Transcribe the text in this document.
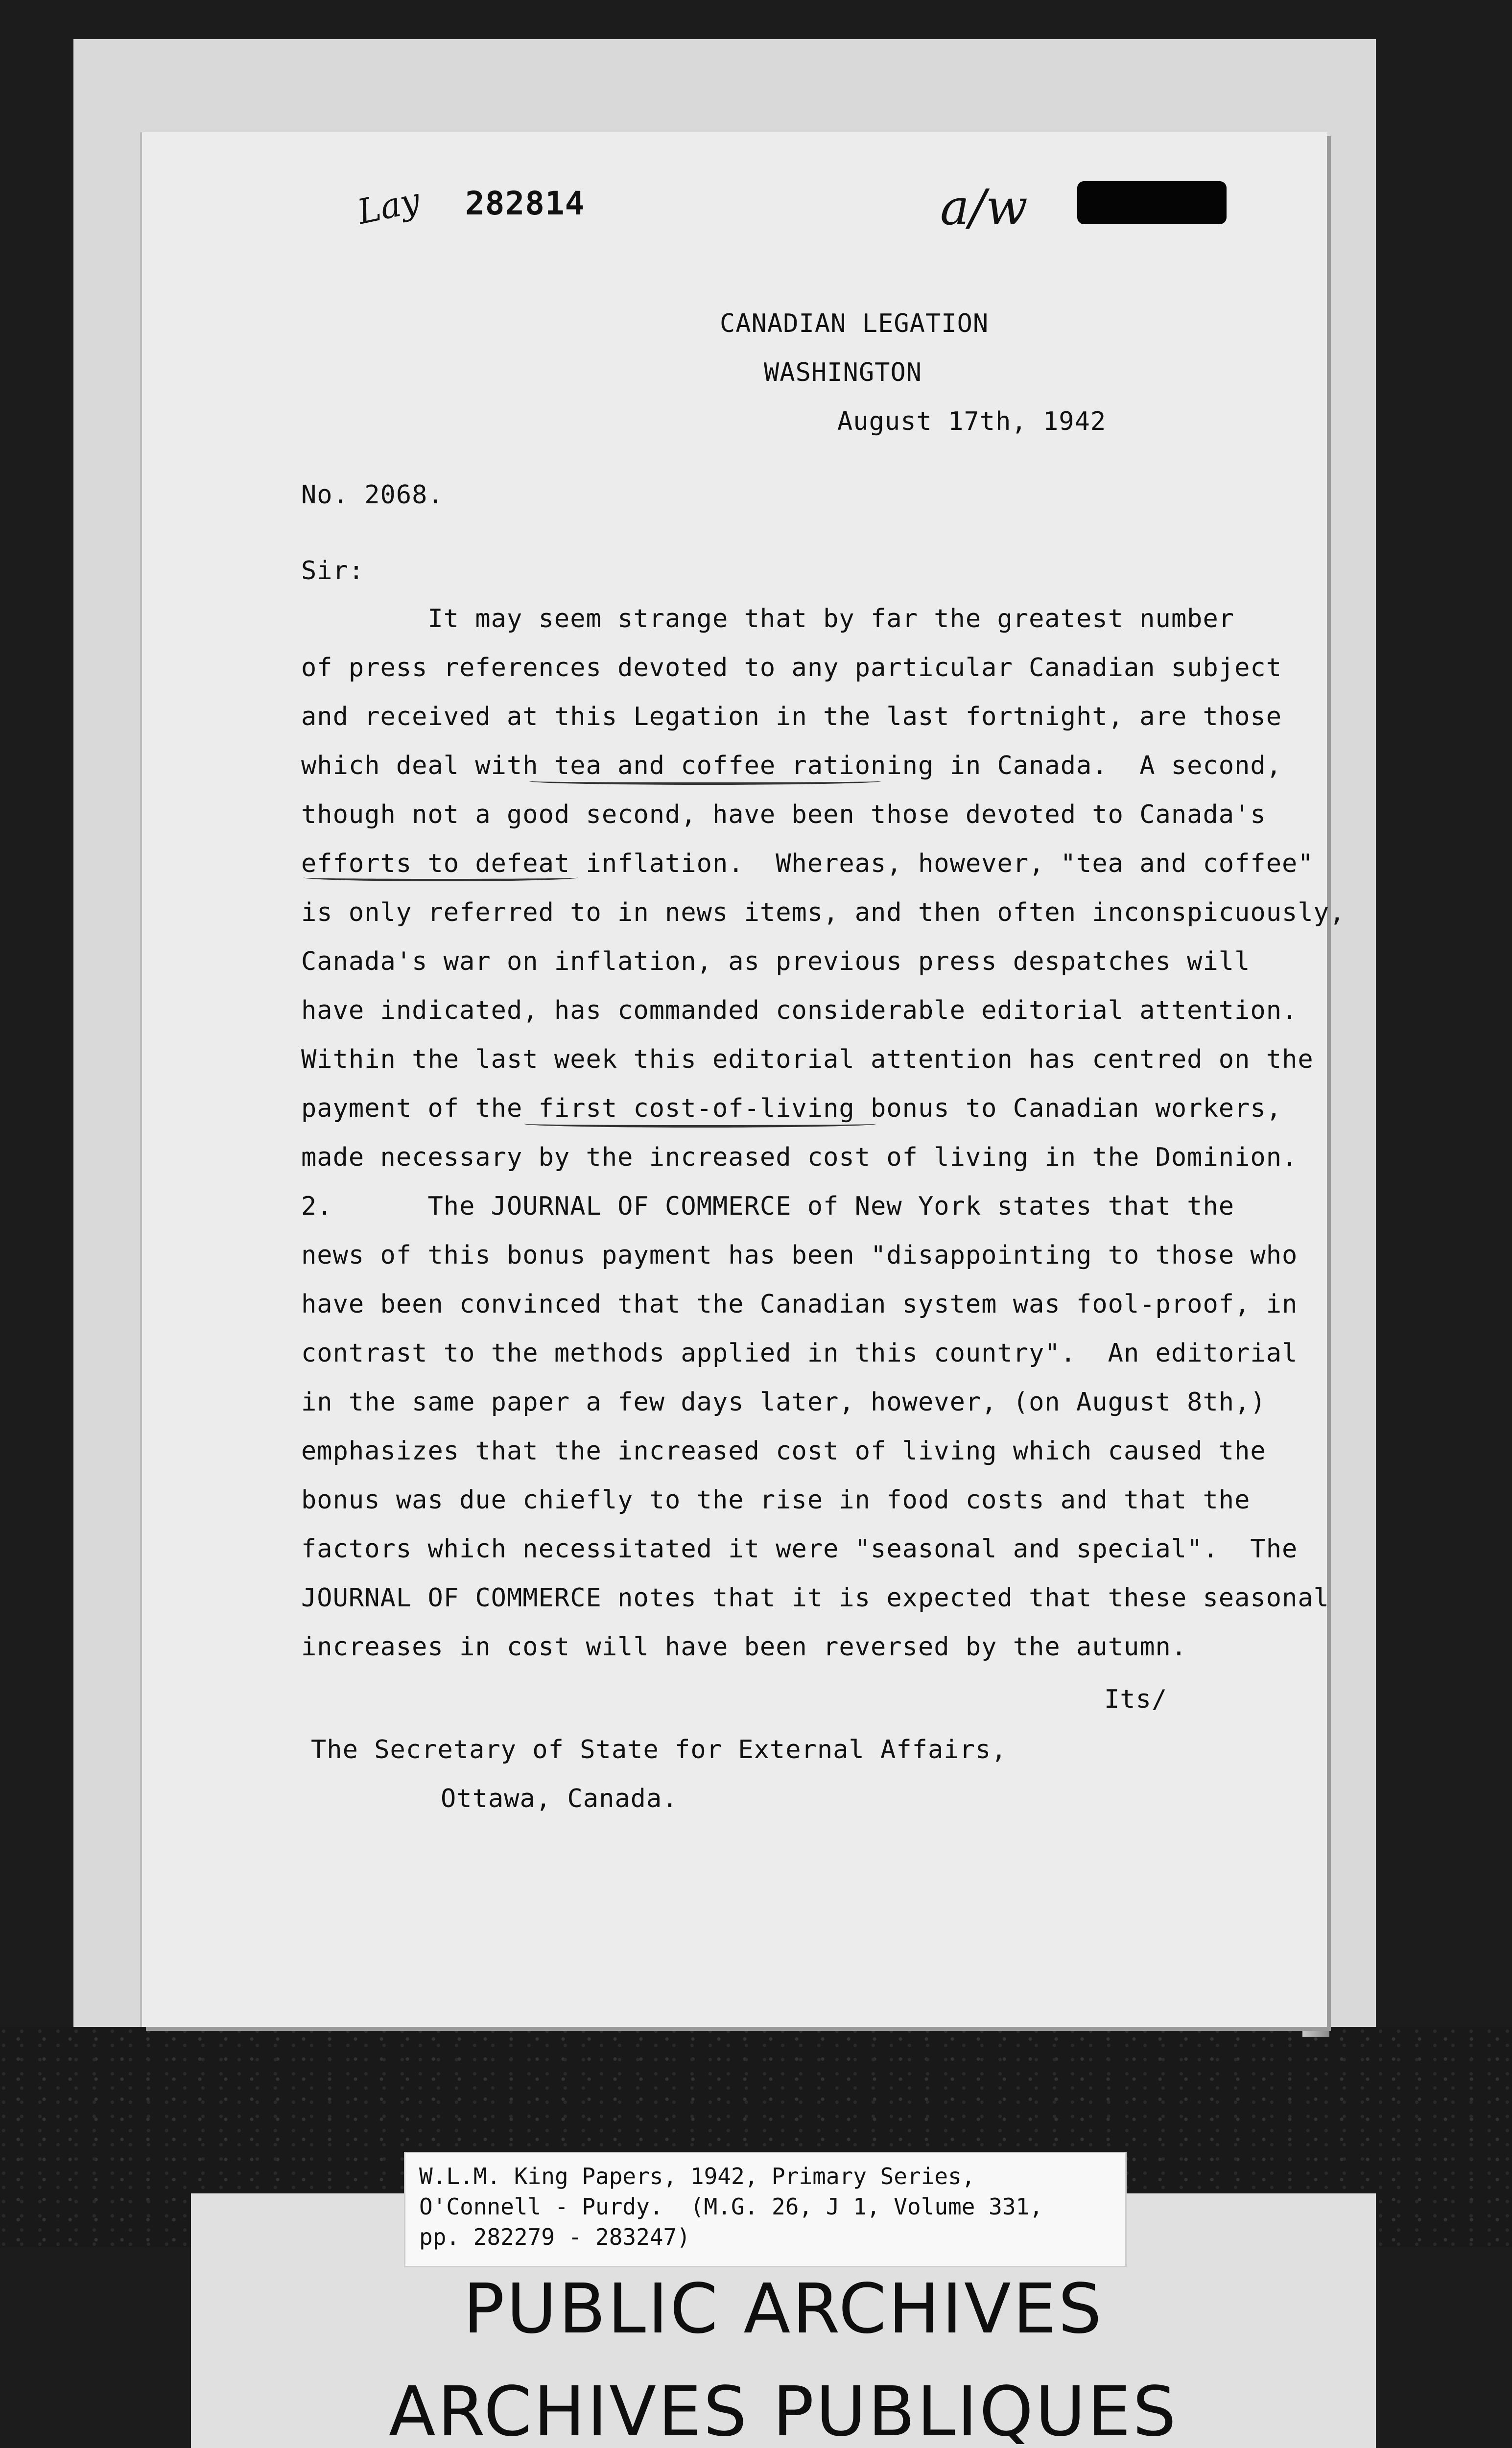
Lay 282814	a/w
CANADIAN LEGATION
WASHINGTON
August 17th, 1942
No. 2068.
Sir:
It may seem strange that by far the greatest number
of press references devoted to any particular Canadian subject
and received at this Legation in the last fortnight, are those
which deal with tea and coffee rationing in Canada.  A second,
though not a good second, have been those devoted to Canada's
efforts to defeat inflation.  Whereas, however, "tea and coffee"
is only referred to in news items, and then often inconspicuously,
Canada's war on inflation, as previous press despatches will
have indicated, has commanded considerable editorial attention.
Within the last week this editorial attention has centred on the
payment of the first cost-of-living bonus to Canadian workers,
made necessary by the increased cost of living in the Dominion.
2.      The JOURNAL OF COMMERCE of New York states that the
news of this bonus payment has been "disappointing to those who
have been convinced that the Canadian system was fool-proof, in
contrast to the methods applied in this country".  An editorial
in the same paper a few days later, however, (on August 8th,)
emphasizes that the increased cost of living which caused the
bonus was due chiefly to the rise in food costs and that the
factors which necessitated it were "seasonal and special".  The
JOURNAL OF COMMERCE notes that it is expected that these seasonal
increases in cost will have been reversed by the autumn.
Its/
The Secretary of State for External Affairs,
Ottawa, Canada.
PUBLIC ARCHIVES
ARCHIVES PUBLIQUES
W.L.M. King Papers, 1942, Primary Series,
O'Connell - Purdy.  (M.G. 26, J 1, Volume 331,
pp. 282279 - 283247)
